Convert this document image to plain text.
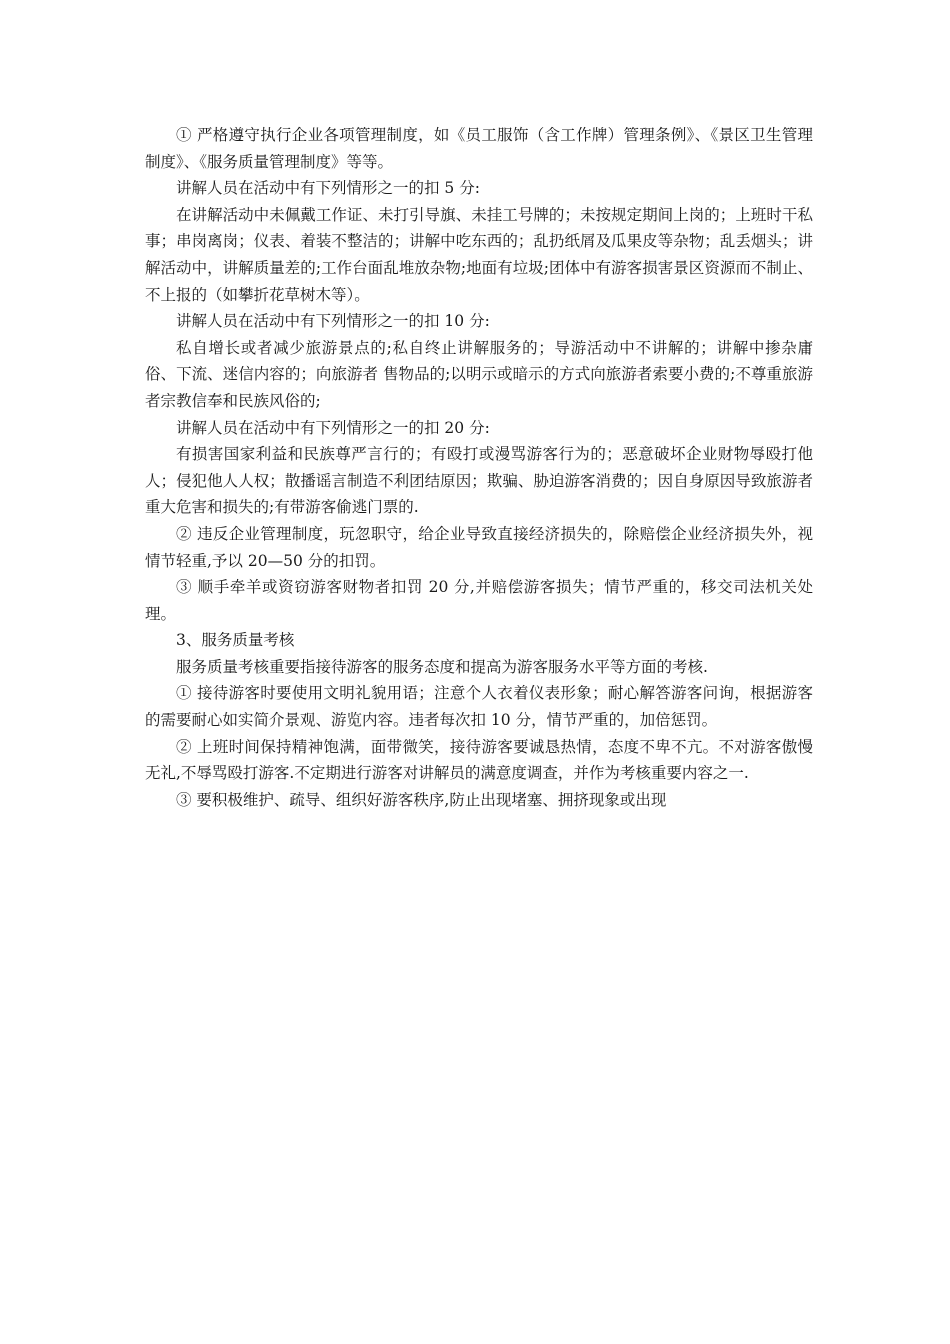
① 严格遵守执行企业各项管理制度，如《员工服饰（含工作牌）管理条例》、《景区卫生管理制度》、《服务质量管理制度》等等。

讲解人员在活动中有下列情形之一的扣 5 分:

在讲解活动中未佩戴工作证、未打引导旗、未挂工号牌的；未按规定期间上岗的；上班时干私事；串岗离岗；仪表、着装不整洁的；讲解中吃东西的；乱扔纸屑及瓜果皮等杂物；乱丢烟头；讲解活动中，讲解质量差的;工作台面乱堆放杂物;地面有垃圾;团体中有游客损害景区资源而不制止、不上报的（如攀折花草树木等）。

讲解人员在活动中有下列情形之一的扣 10 分:

私自增长或者减少旅游景点的;私自终止讲解服务的；导游活动中不讲解的；讲解中掺杂庸俗、下流、迷信内容的；向旅游者 售物品的;以明示或暗示的方式向旅游者索要小费的;不尊重旅游者宗教信奉和民族风俗的;

讲解人员在活动中有下列情形之一的扣 20 分:

有损害国家利益和民族尊严言行的；有殴打或漫骂游客行为的；恶意破坏企业财物辱殴打他人；侵犯他人人权；散播谣言制造不利团结原因；欺骗、胁迫游客消费的；因自身原因导致旅游者重大危害和损失的;有带游客偷逃门票的.

② 违反企业管理制度，玩忽职守，给企业导致直接经济损失的，除赔偿企业经济损失外，视情节轻重,予以 20—50 分的扣罚。

③ 顺手牵羊或资窃游客财物者扣罚 20 分,并赔偿游客损失；情节严重的，移交司法机关处理。

3、服务质量考核

服务质量考核重要指接待游客的服务态度和提高为游客服务水平等方面的考核.

① 接待游客时要使用文明礼貌用语；注意个人衣着仪表形象；耐心解答游客问询，根据游客的需要耐心如实简介景观、游览内容。违者每次扣 10 分，情节严重的，加倍惩罚。

② 上班时间保持精神饱满，面带微笑，接待游客要诚恳热情，态度不卑不亢。不对游客傲慢无礼,不辱骂殴打游客.不定期进行游客对讲解员的满意度调查，并作为考核重要内容之一.

③ 要积极维护、疏导、组织好游客秩序,防止出现堵塞、拥挤现象或出现
